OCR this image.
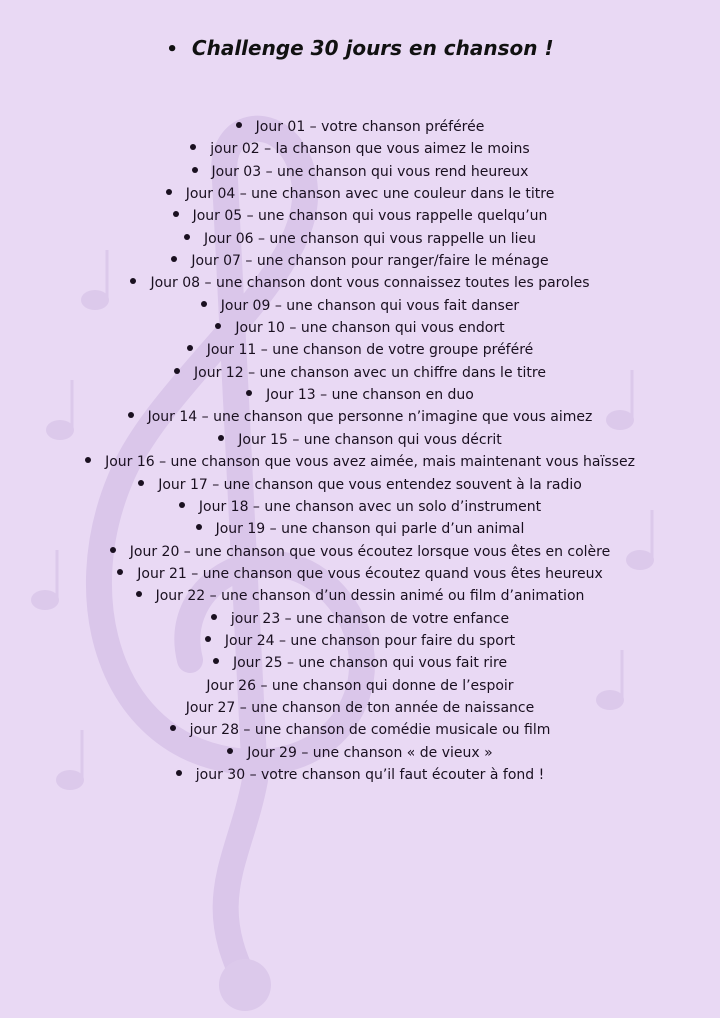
• Challenge 30 jours en chanson !
Jour 01 – votre chanson préférée
jour 02 – la chanson que vous aimez le moins
Jour 03 – une chanson qui vous rend heureux
Jour 04 – une chanson avec une couleur dans le titre
Jour 05 – une chanson qui vous rappelle quelqu’un
Jour 06 – une chanson qui vous rappelle un lieu
Jour 07 – une chanson pour ranger/faire le ménage
Jour 08 – une chanson dont vous connaissez toutes les paroles
Jour 09 – une chanson qui vous fait danser
Jour 10 – une chanson qui vous endort
Jour 11 – une chanson de votre groupe préféré
Jour 12 – une chanson avec un chiffre dans le titre
Jour 13 – une chanson en duo
Jour 14 – une chanson que personne n’imagine que vous aimez
Jour 15 – une chanson qui vous décrit
Jour 16 – une chanson que vous avez aimée, mais maintenant vous haïssez
Jour 17 – une chanson que vous entendez souvent à la radio
Jour 18 – une chanson avec un solo d’instrument
Jour 19 – une chanson qui parle d’un animal
Jour 20 – une chanson que vous écoutez lorsque vous êtes en colère
Jour 21 – une chanson que vous écoutez quand vous êtes heureux
Jour 22 – une chanson d’un dessin animé ou film d’animation
jour 23 – une chanson de votre enfance
Jour 24 – une chanson pour faire du sport
Jour 25 – une chanson qui vous fait rire
Jour 26 – une chanson qui donne de l’espoir
Jour 27 – une chanson de ton année de naissance
jour 28 – une chanson de comédie musicale ou film
Jour 29 – une chanson « de vieux »
jour 30 – votre chanson qu’il faut écouter à fond !
